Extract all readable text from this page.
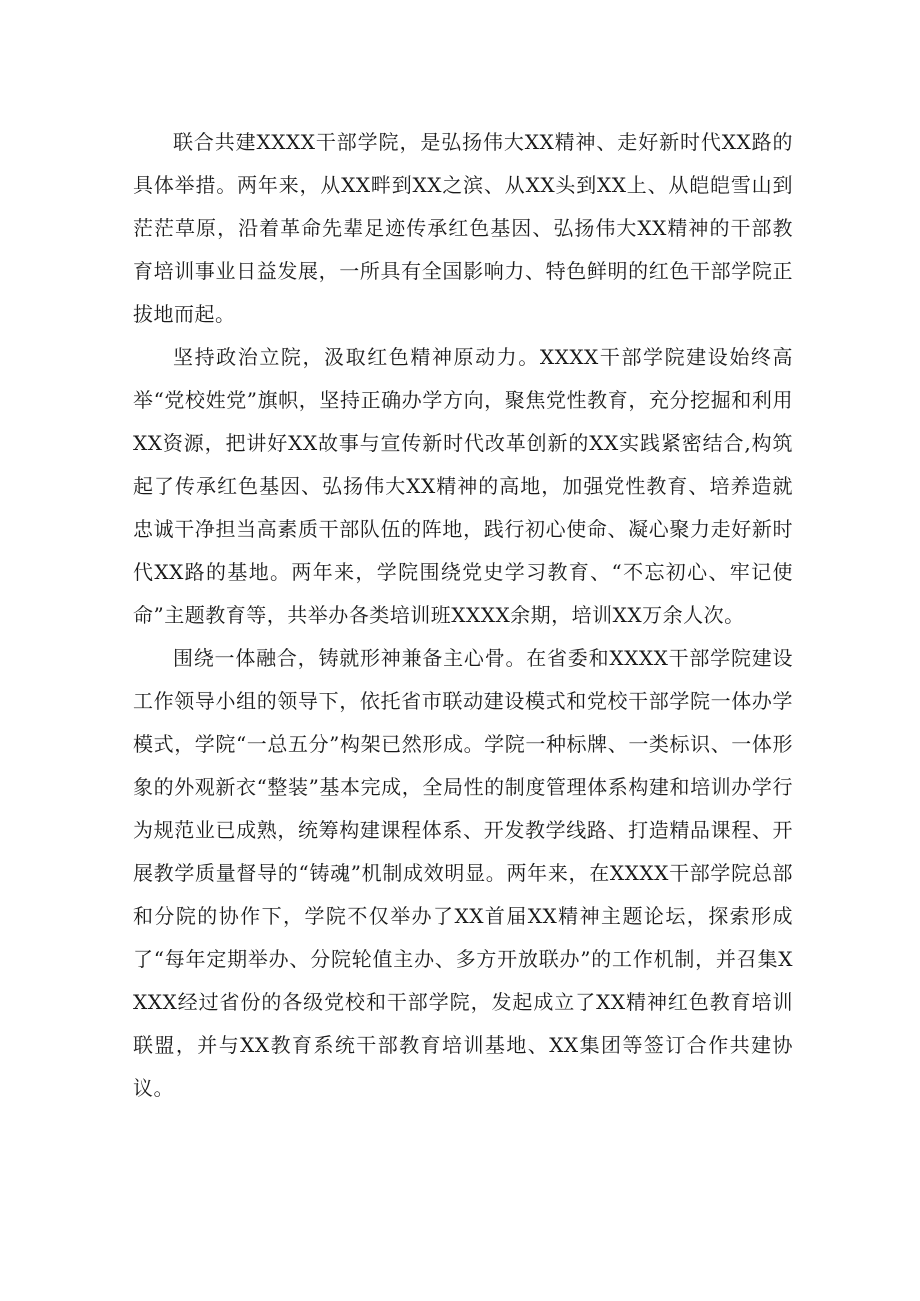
联合共建XXXX干部学院，是弘扬伟大XX精神、走好新时代XX路的具体举措。两年来，从XX畔到XX之滨、从XX头到XX上、从皑皑雪山到茫茫草原，沿着革命先辈足迹传承红色基因、弘扬伟大XX精神的干部教育培训事业日益发展，一所具有全国影响力、特色鲜明的红色干部学院正拔地而起。

坚持政治立院，汲取红色精神原动力。XXXX干部学院建设始终高举“党校姓党”旗帜，坚持正确办学方向，聚焦党性教育，充分挖掘和利用XX资源，把讲好XX故事与宣传新时代改革创新的XX实践紧密结合,构筑起了传承红色基因、弘扬伟大XX精神的高地，加强党性教育、培养造就忠诚干净担当高素质干部队伍的阵地，践行初心使命、凝心聚力走好新时代XX路的基地。两年来，学院围绕党史学习教育、“不忘初心、牢记使命”主题教育等，共举办各类培训班XXXX余期，培训XX万余人次。

围绕一体融合，铸就形神兼备主心骨。在省委和XXXX干部学院建设工作领导小组的领导下，依托省市联动建设模式和党校干部学院一体办学模式，学院“一总五分”构架已然形成。学院一种标牌、一类标识、一体形象的外观新衣“整装”基本完成，全局性的制度管理体系构建和培训办学行为规范业已成熟，统筹构建课程体系、开发教学线路、打造精品课程、开展教学质量督导的“铸魂”机制成效明显。两年来，在XXXX干部学院总部和分院的协作下，学院不仅举办了XX首届XX精神主题论坛，探索形成了“每年定期举办、分院轮值主办、多方开放联办”的工作机制，并召集XXXX经过省份的各级党校和干部学院，发起成立了XX精神红色教育培训联盟，并与XX教育系统干部教育培训基地、XX集团等签订合作共建协议。
